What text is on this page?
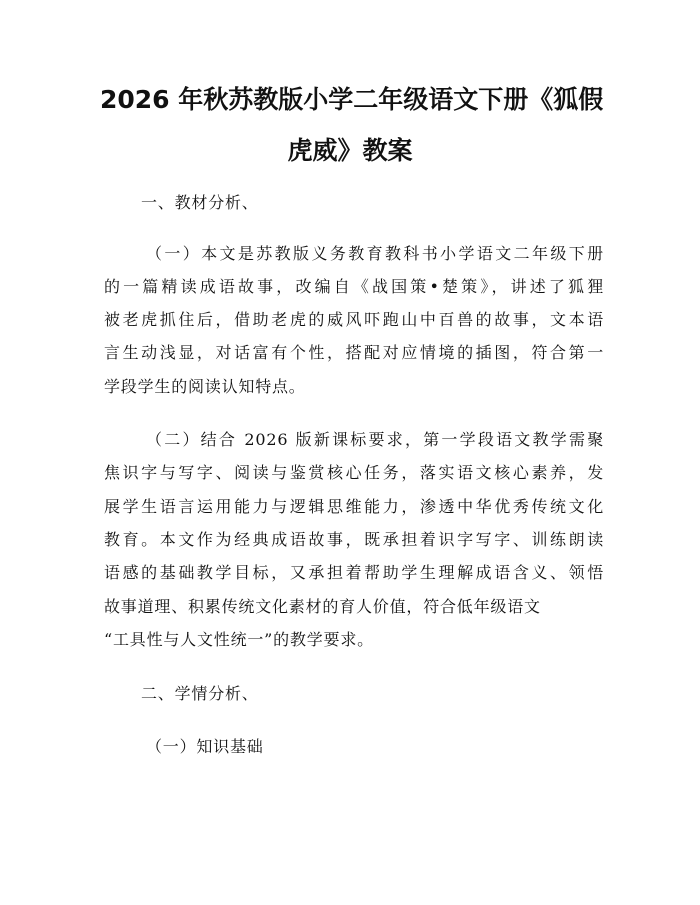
2026 年秋苏教版小学二年级语文下册《狐假
虎威》教案

一、教材分析、

（一）本文是苏教版义务教育教科书小学语文二年级下册

的一篇精读成语故事，改编自《战国策•楚策》，讲述了狐狸

被老虎抓住后，借助老虎的威风吓跑山中百兽的故事，文本语

言生动浅显，对话富有个性，搭配对应情境的插图，符合第一

学段学生的阅读认知特点。

（二）结合 2026 版新课标要求，第一学段语文教学需聚

焦识字与写字、阅读与鉴赏核心任务，落实语文核心素养，发

展学生语言运用能力与逻辑思维能力，渗透中华优秀传统文化

教育。本文作为经典成语故事，既承担着识字写字、训练朗读

语感的基础教学目标，又承担着帮助学生理解成语含义、领悟

故事道理、积累传统文化素材的育人价值，符合低年级语文

“工具性与人文性统一”的教学要求。

二、学情分析、

（一）知识基础
